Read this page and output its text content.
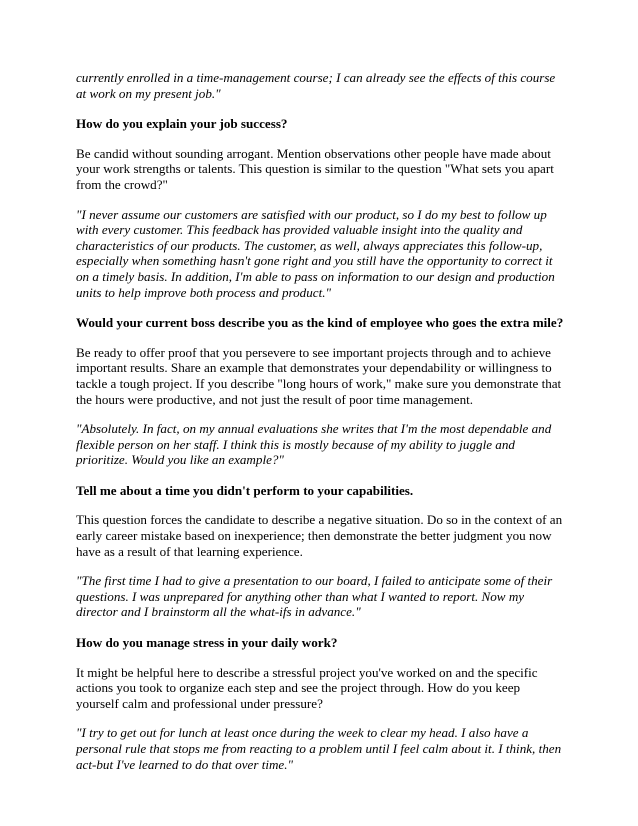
currently enrolled in a time-management course; I can already see the effects of this course at work on my present job."

How do you explain your job success?

Be candid without sounding arrogant. Mention observations other people have made about your work strengths or talents. This question is similar to the question "What sets you apart from the crowd?"

"I never assume our customers are satisfied with our product, so I do my best to follow up with every customer. This feedback has provided valuable insight into the quality and characteristics of our products. The customer, as well, always appreciates this follow-up, especially when something hasn't gone right and you still have the opportunity to correct it on a timely basis. In addition, I'm able to pass on information to our design and production units to help improve both process and product."

Would your current boss describe you as the kind of employee who goes the extra mile?

Be ready to offer proof that you persevere to see important projects through and to achieve important results. Share an example that demonstrates your dependability or willingness to tackle a tough project. If you describe "long hours of work," make sure you demonstrate that the hours were productive, and not just the result of poor time management.

"Absolutely. In fact, on my annual evaluations she writes that I'm the most dependable and flexible person on her staff. I think this is mostly because of my ability to juggle and prioritize. Would you like an example?"

Tell me about a time you didn't perform to your capabilities.

This question forces the candidate to describe a negative situation. Do so in the context of an early career mistake based on inexperience; then demonstrate the better judgment you now have as a result of that learning experience.

"The first time I had to give a presentation to our board, I failed to anticipate some of their questions. I was unprepared for anything other than what I wanted to report. Now my director and I brainstorm all the what-ifs in advance."

How do you manage stress in your daily work?

It might be helpful here to describe a stressful project you've worked on and the specific actions you took to organize each step and see the project through. How do you keep yourself calm and professional under pressure?

"I try to get out for lunch at least once during the week to clear my head. I also have a personal rule that stops me from reacting to a problem until I feel calm about it. I think, then act-but I've learned to do that over time."
